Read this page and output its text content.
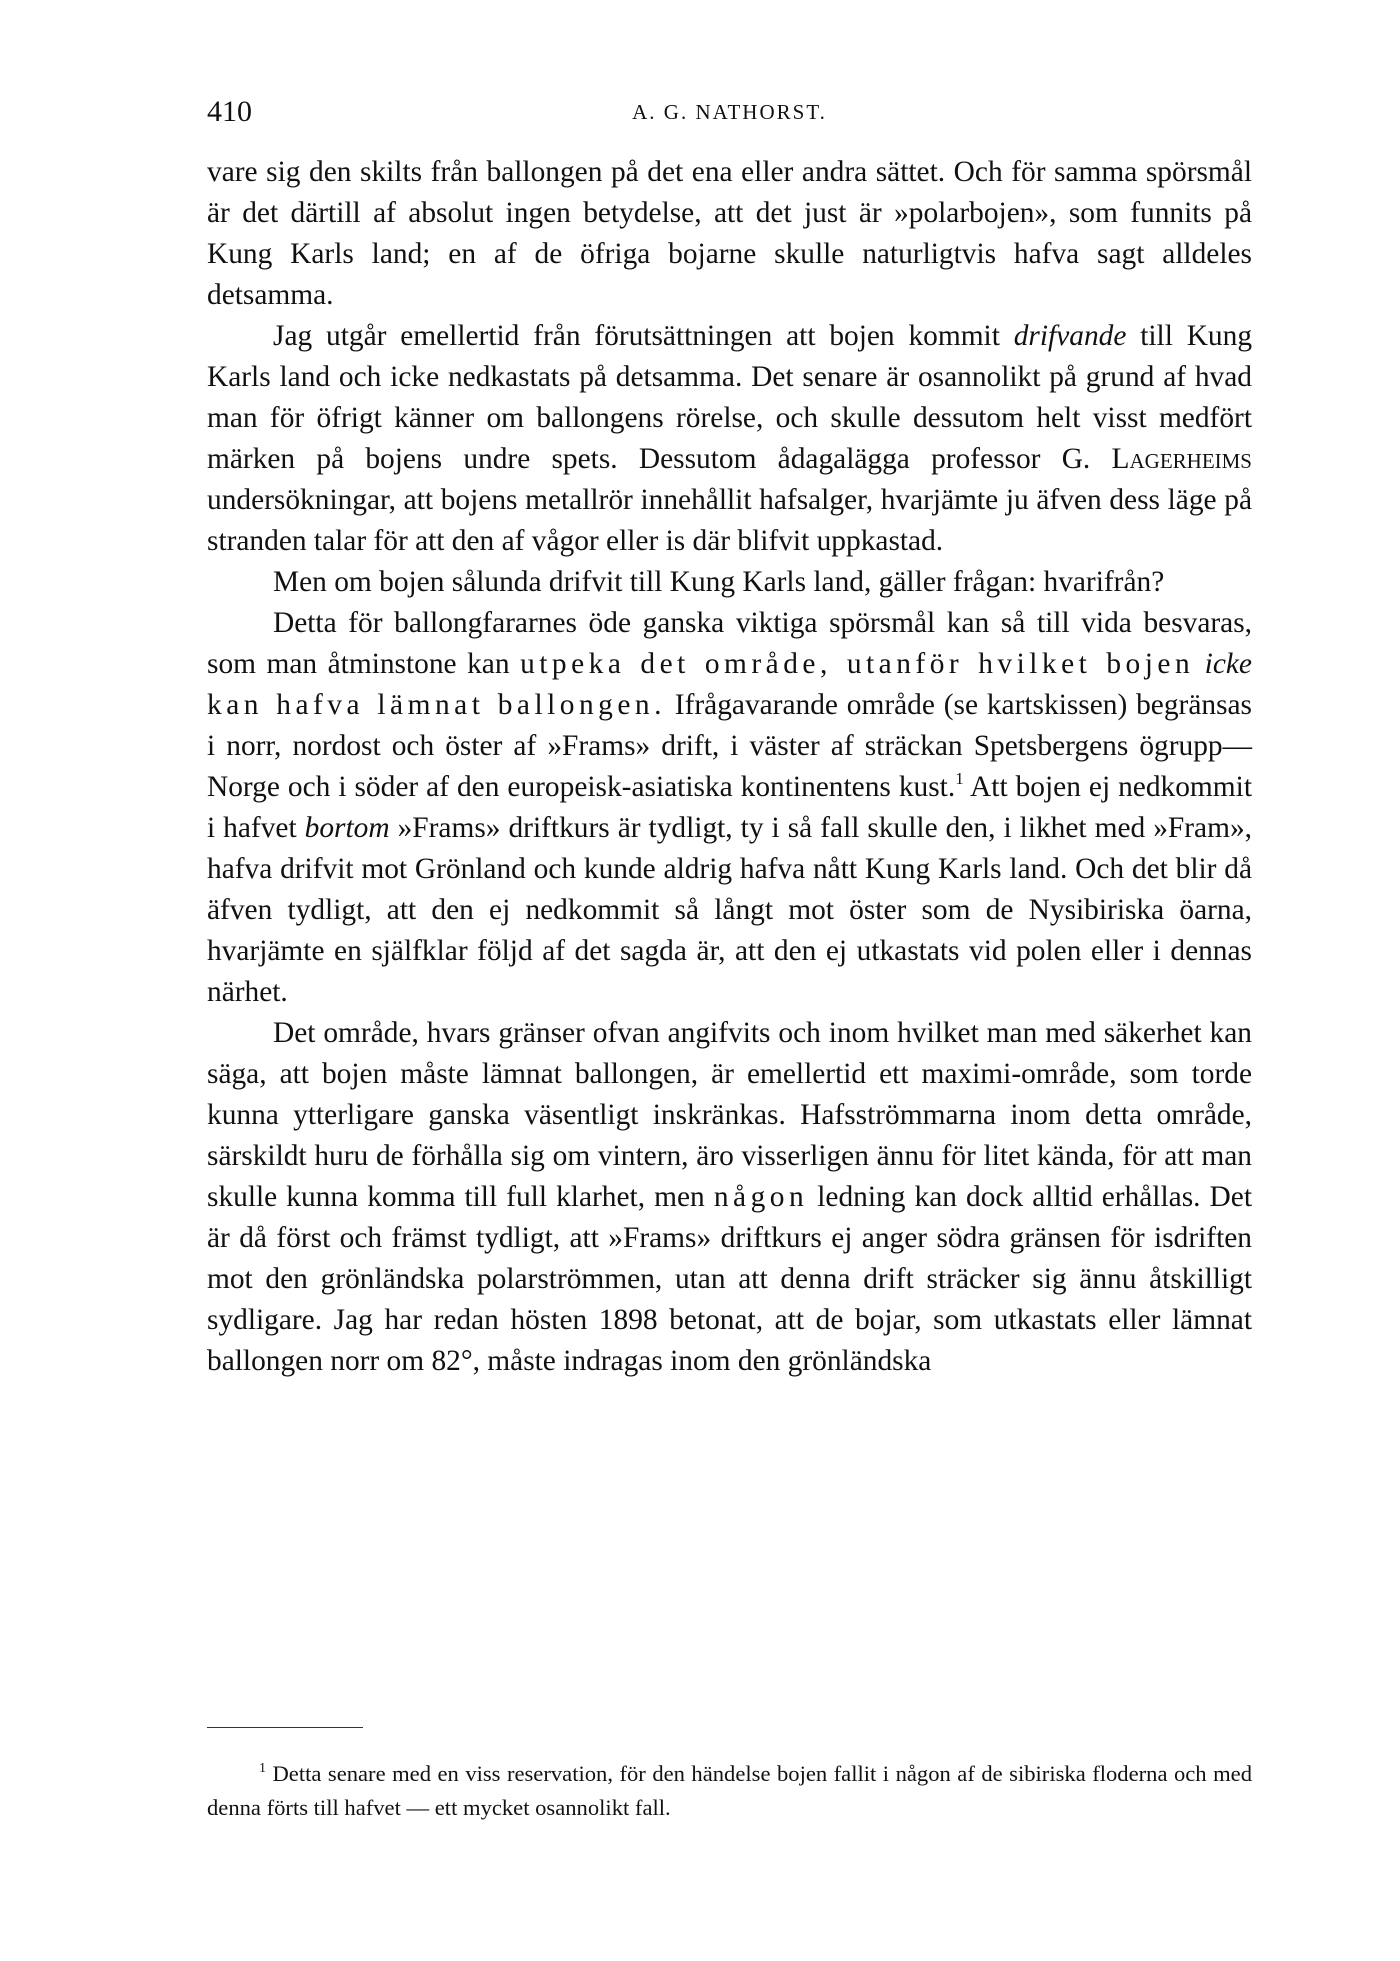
410	A. G. NATHORST.

vare sig den skilts från ballongen på det ena eller andra sättet. Och för samma spörsmål är det därtill af absolut ingen betydelse, att det just är »polarbojen», som funnits på Kung Karls land; en af de öfriga bojarne skulle naturligtvis hafva sagt alldeles detsamma.

Jag utgår emellertid från förutsättningen att bojen kommit drifvande till Kung Karls land och icke nedkastats på detsamma. Det senare är osannolikt på grund af hvad man för öfrigt känner om ballongens rörelse, och skulle dessutom helt visst medfört märken på bojens undre spets. Dessutom ådagalägga professor G. Lagerheims undersökningar, att bojens metallrör innehållit hafsalger, hvarjämte ju äfven dess läge på stranden talar för att den af vågor eller is där blifvit uppkastad.

Men om bojen sålunda drifvit till Kung Karls land, gäller frågan: hvarifrån?

Detta för ballongfararnes öde ganska viktiga spörsmål kan så till vida besvaras, som man åtminstone kan utpeka det område, utanför hvilket bojen icke kan hafva lämnat ballongen. Ifrågavarande område (se kartskissen) begränsas i norr, nordost och öster af »Frams» drift, i väster af sträckan Spetsbergens ögrupp—Norge och i söder af den europeisk-asiatiska kontinentens kust.$^1$ Att bojen ej nedkommit i hafvet bortom »Frams» driftkurs är tydligt, ty i så fall skulle den, i likhet med »Fram», hafva drifvit mot Grönland och kunde aldrig hafva nått Kung Karls land. Och det blir då äfven tydligt, att den ej nedkommit så långt mot öster som de Nysibiriska öarna, hvarjämte en själfklar följd af det sagda är, att den ej utkastats vid polen eller i dennas närhet.

Det område, hvars gränser ofvan angifvits och inom hvilket man med säkerhet kan säga, att bojen måste lämnat ballongen, är emellertid ett maximi-område, som torde kunna ytterligare ganska väsentligt inskränkas. Hafsströmmarna inom detta område, särskildt huru de förhålla sig om vintern, äro visserligen ännu för litet kända, för att man skulle kunna komma till full klarhet, men någon ledning kan dock alltid erhållas. Det är då först och främst tydligt, att »Frams» driftkurs ej anger södra gränsen för isdriften mot den grönländska polarströmmen, utan att denna drift sträcker sig ännu åtskilligt sydligare. Jag har redan hösten 1898 betonat, att de bojar, som utkastats eller lämnat ballongen norr om 82°, måste indragas inom den grönländska

$^1$ Detta senare med en viss reservation, för den händelse bojen fallit i någon af de sibiriska floderna och med denna förts till hafvet — ett mycket osannolikt fall.
